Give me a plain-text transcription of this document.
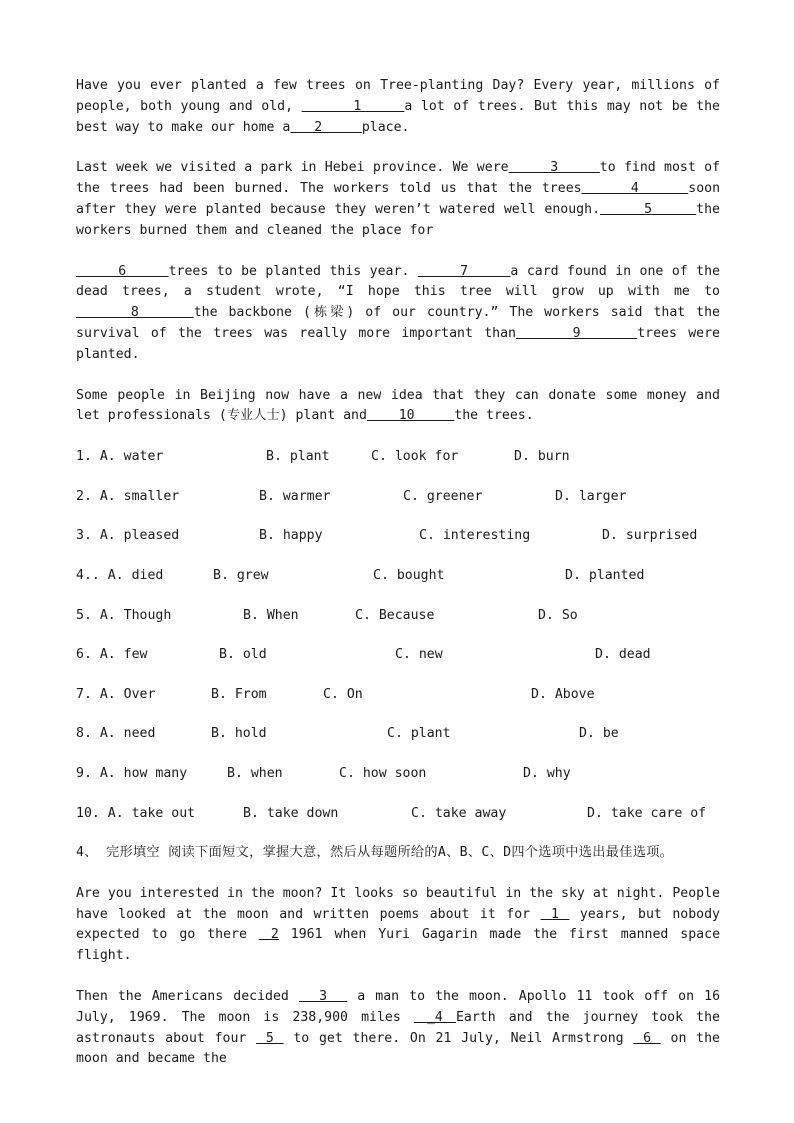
Have you ever planted a few trees on Tree-planting Day? Every year, millions of people, both young and old,       1     a lot of trees. But this may not be the best way to make our home a   2     place.

Last week we visited a park in Hebei province. We were     3     to find most of the trees had been burned. The workers told us that the trees     4     soon after they were planted because they weren’t watered well enough.     5     the workers burned them and cleaned the place for

6     trees to be planted this year.      7     a card found in one of the dead trees, a student wrote, “I hope this tree will grow up with me to     8     the backbone (栋梁) of our country.” The workers said that the survival of the trees was really more important than     9     trees were planted.

Some people in Beijing now have a new idea that they can donate some money and let professionals (专业人士) plant and    10     the trees.

1. A. water	B. plant	C. look for	D. burn
2. A. smaller	B. warmer	C. greener	D. larger
3. A. pleased	B. happy	C. interesting	D. surprised
4.. A. died	B. grew	C. bought	D. planted
5. A. Though	B. When	C. Because	D. So
6. A. few	B. old	C. new	D. dead
7. A. Over	B. From	C. On	D. Above
8. A. need	B. hold	C. plant	D. be
9. A. how many	B. when	C. how soon	D. why
10. A. take out	B. take down	C. take away	D. take care of

4、 完形填空 阅读下面短文，掌握大意，然后从每题所给的A、B、C、D四个选项中选出最佳选项。

Are you interested in the moon? It looks so beautiful in the sky at night. People have looked at the moon and written poems about it for  1  years, but nobody expected to go there  2 1961 when Yuri Gagarin made the first manned space flight.

Then the Americans decided   3   a man to the moon. Apollo 11 took off on 16 July, 1969. The moon is 238,900 miles  _4 Earth and the journey took the astronauts about four  5  to get there. On 21 July, Neil Armstrong  6  on the moon and became the
